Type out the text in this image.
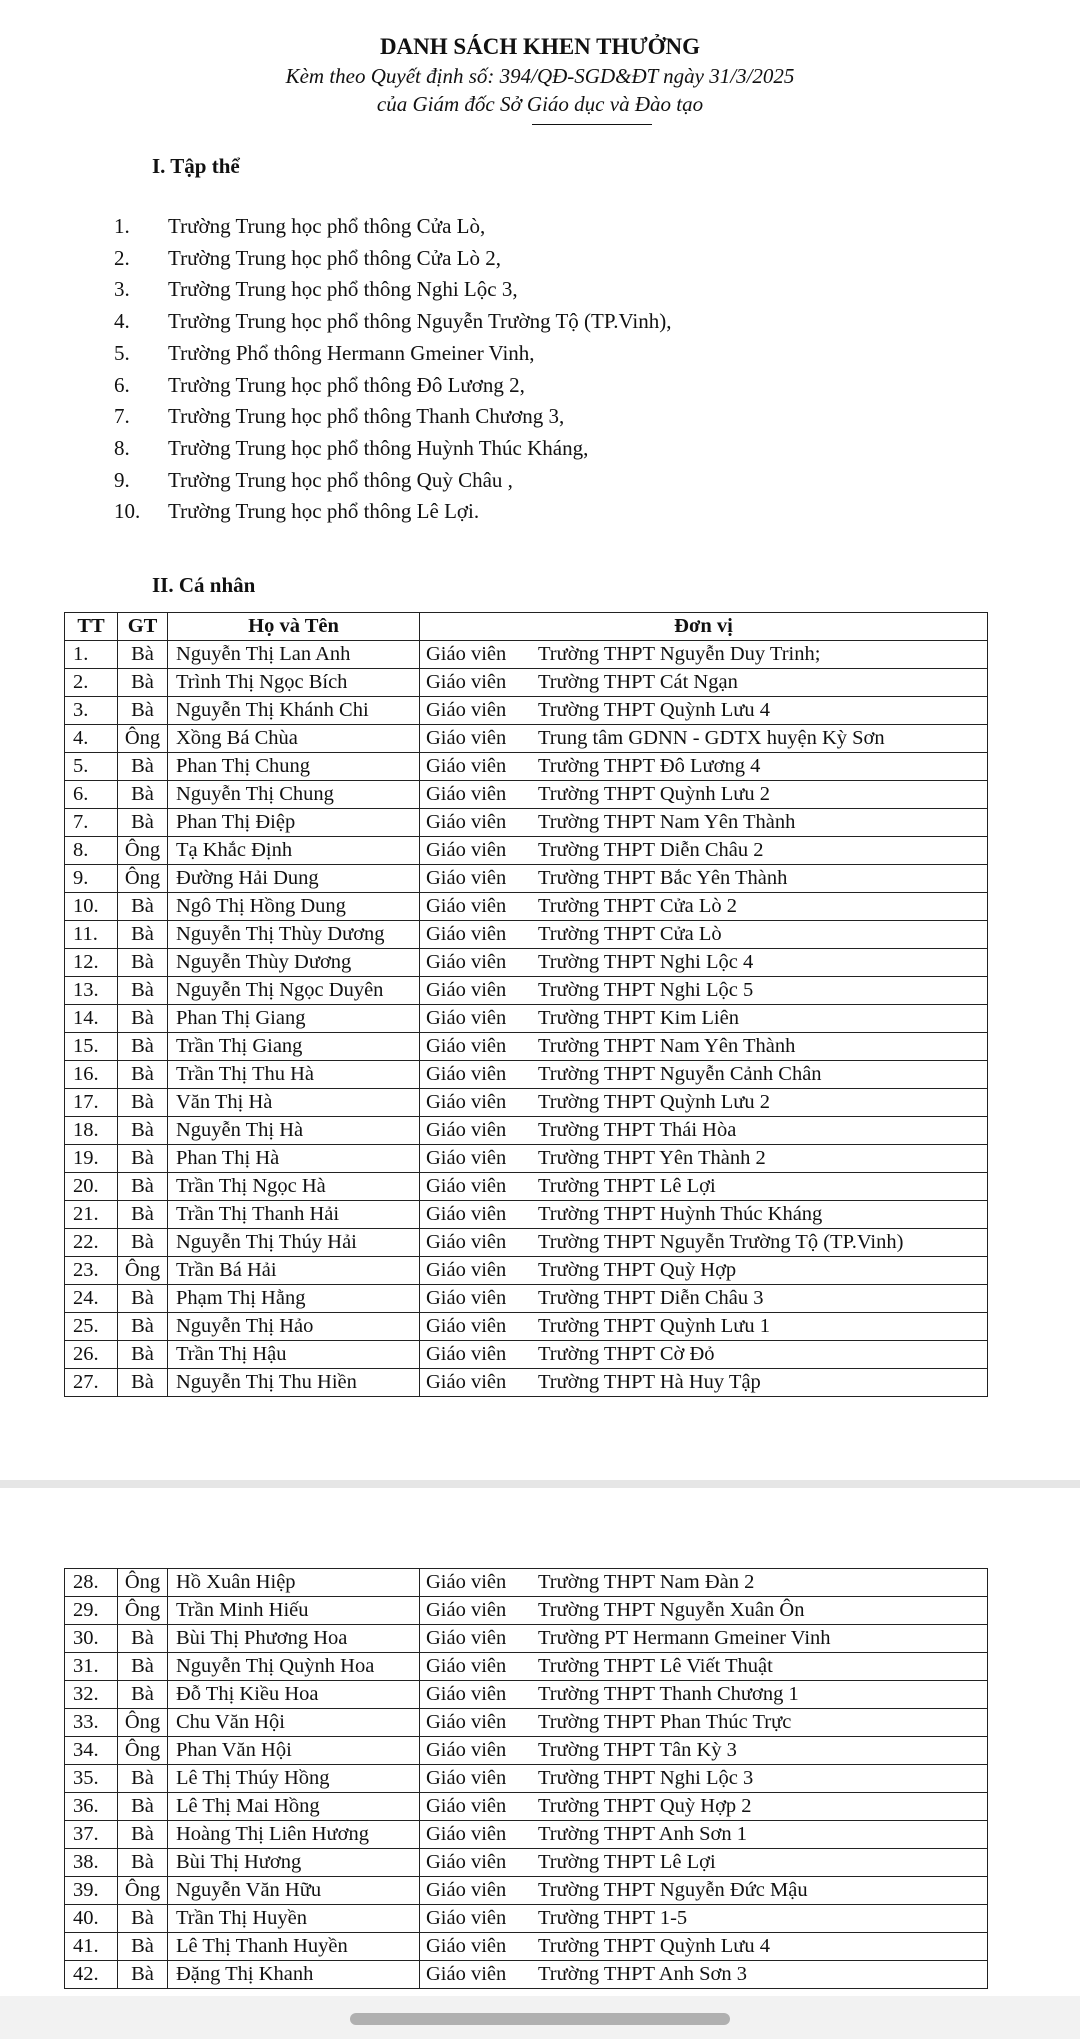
DANH SÁCH KHEN THƯỞNG
Kèm theo Quyết định số: 394/QĐ-SGD&ĐT ngày 31/3/2025
của Giám đốc Sở Giáo dục và Đào tạo
I. Tập thể
1.	Trường Trung học phổ thông Cửa Lò,
2.	Trường Trung học phổ thông Cửa Lò 2,
3.	Trường Trung học phổ thông Nghi Lộc 3,
4.	Trường Trung học phổ thông Nguyễn Trường Tộ (TP.Vinh),
5.	Trường Phổ thông Hermann Gmeiner Vinh,
6.	Trường Trung học phổ thông Đô Lương 2,
7.	Trường Trung học phổ thông Thanh Chương 3,
8.	Trường Trung học phổ thông Huỳnh Thúc Kháng,
9.	Trường Trung học phổ thông Quỳ Châu ,
10.	Trường Trung học phổ thông Lê Lợi.
II. Cá nhân
TT	GT	Họ và Tên	Đơn vị
1.	Bà	Nguyễn Thị Lan Anh	Giáo viên Trường THPT Nguyễn Duy Trinh;
2.	Bà	Trình Thị Ngọc Bích	Giáo viên Trường THPT Cát Ngạn
3.	Bà	Nguyễn Thị Khánh Chi	Giáo viên Trường THPT Quỳnh Lưu 4
4.	Ông	Xồng Bá Chùa	Giáo viên Trung tâm GDNN - GDTX huyện Kỳ Sơn
5.	Bà	Phan Thị Chung	Giáo viên Trường THPT Đô Lương 4
6.	Bà	Nguyễn Thị Chung	Giáo viên Trường THPT Quỳnh Lưu 2
7.	Bà	Phan Thị Điệp	Giáo viên Trường THPT Nam Yên Thành
8.	Ông	Tạ Khắc Định	Giáo viên Trường THPT Diễn Châu 2
9.	Ông	Đường Hải Dung	Giáo viên Trường THPT Bắc Yên Thành
10.	Bà	Ngô Thị Hồng Dung	Giáo viên Trường THPT Cửa Lò 2
11.	Bà	Nguyễn Thị Thùy Dương	Giáo viên Trường THPT Cửa Lò
12.	Bà	Nguyễn Thùy Dương	Giáo viên Trường THPT Nghi Lộc 4
13.	Bà	Nguyễn Thị Ngọc Duyên	Giáo viên Trường THPT Nghi Lộc 5
14.	Bà	Phan Thị Giang	Giáo viên Trường THPT Kim Liên
15.	Bà	Trần Thị Giang	Giáo viên Trường THPT Nam Yên Thành
16.	Bà	Trần Thị Thu Hà	Giáo viên Trường THPT Nguyễn Cảnh Chân
17.	Bà	Văn Thị Hà	Giáo viên Trường THPT Quỳnh Lưu 2
18.	Bà	Nguyễn Thị Hà	Giáo viên Trường THPT Thái Hòa
19.	Bà	Phan Thị Hà	Giáo viên Trường THPT Yên Thành 2
20.	Bà	Trần Thị Ngọc Hà	Giáo viên Trường THPT Lê Lợi
21.	Bà	Trần Thị Thanh Hải	Giáo viên Trường THPT Huỳnh Thúc Kháng
22.	Bà	Nguyễn Thị Thúy Hải	Giáo viên Trường THPT Nguyễn Trường Tộ (TP.Vinh)
23.	Ông	Trần Bá Hải	Giáo viên Trường THPT Quỳ Hợp
24.	Bà	Phạm Thị Hằng	Giáo viên Trường THPT Diễn Châu 3
25.	Bà	Nguyễn Thị Hảo	Giáo viên Trường THPT Quỳnh Lưu 1
26.	Bà	Trần Thị Hậu	Giáo viên Trường THPT Cờ Đỏ
27.	Bà	Nguyễn Thị Thu Hiền	Giáo viên Trường THPT Hà Huy Tập
28.	Ông	Hồ Xuân Hiệp	Giáo viên Trường THPT Nam Đàn 2
29.	Ông	Trần Minh Hiếu	Giáo viên Trường THPT Nguyễn Xuân Ôn
30.	Bà	Bùi Thị Phương Hoa	Giáo viên Trường PT Hermann Gmeiner Vinh
31.	Bà	Nguyễn Thị Quỳnh Hoa	Giáo viên Trường THPT Lê Viết Thuật
32.	Bà	Đỗ Thị Kiều Hoa	Giáo viên Trường THPT Thanh Chương 1
33.	Ông	Chu Văn Hội	Giáo viên Trường THPT Phan Thúc Trực
34.	Ông	Phan Văn Hội	Giáo viên Trường THPT Tân Kỳ 3
35.	Bà	Lê Thị Thúy Hồng	Giáo viên Trường THPT Nghi Lộc 3
36.	Bà	Lê Thị Mai Hồng	Giáo viên Trường THPT Quỳ Hợp 2
37.	Bà	Hoàng Thị Liên Hương	Giáo viên Trường THPT Anh Sơn 1
38.	Bà	Bùi Thị Hương	Giáo viên Trường THPT Lê Lợi
39.	Ông	Nguyễn Văn Hữu	Giáo viên Trường THPT Nguyễn Đức Mậu
40.	Bà	Trần Thị Huyền	Giáo viên Trường THPT 1-5
41.	Bà	Lê Thị Thanh Huyền	Giáo viên Trường THPT Quỳnh Lưu 4
42.	Bà	Đặng Thị Khanh	Giáo viên Trường THPT Anh Sơn 3
